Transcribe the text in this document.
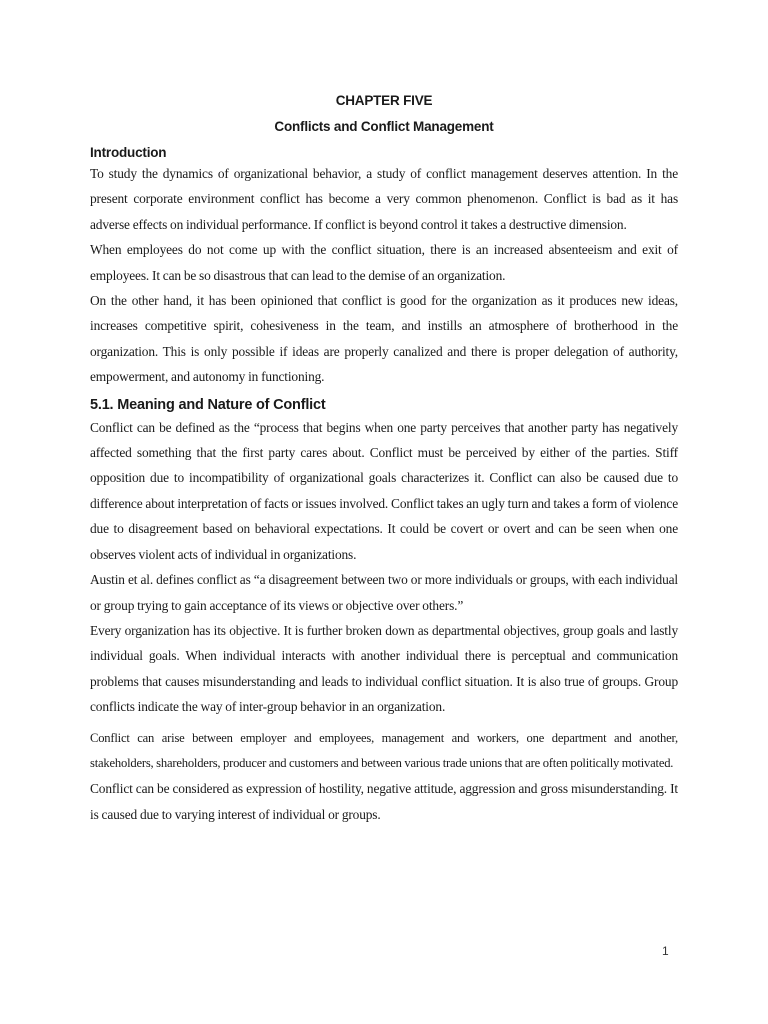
CHAPTER FIVE
Conflicts and Conflict Management
Introduction

To study the dynamics of organizational behavior, a study of conflict management deserves attention. In the present corporate environment conflict has become a very common phenomenon. Conflict is bad as it has adverse effects on individual performance. If conflict is beyond control it takes a destructive dimension.

When employees do not come up with the conflict situation, there is an increased absenteeism and exit of employees. It can be so disastrous that can lead to the demise of an organization.

On the other hand, it has been opinioned that conflict is good for the organization as it produces new ideas, increases competitive spirit, cohesiveness in the team, and instills an atmosphere of brotherhood in the organization. This is only possible if ideas are properly canalized and there is proper delegation of authority, empowerment, and autonomy in functioning.

5.1. Meaning and Nature of Conflict

Conflict can be defined as the “process that begins when one party perceives that another party has negatively affected something that the first party cares about. Conflict must be perceived by either of the parties. Stiff opposition due to incompatibility of organizational goals characterizes it. Conflict can also be caused due to difference about interpretation of facts or issues involved. Conflict takes an ugly turn and takes a form of violence due to disagreement based on behavioral expectations. It could be covert or overt and can be seen when one observes violent acts of individual in organizations.

Austin et al. defines conflict as “a disagreement between two or more individuals or groups, with each individual or group trying to gain acceptance of its views or objective over others.”

Every organization has its objective. It is further broken down as departmental objectives, group goals and lastly individual goals. When individual interacts with another individual there is perceptual and communication problems that causes misunderstanding and leads to individual conflict situation. It is also true of groups. Group conflicts indicate the way of inter-group behavior in an organization.

Conflict can arise between employer and employees, management and workers, one department and another, stakeholders, shareholders, producer and customers and between various trade unions that are often politically motivated.

Conflict can be considered as expression of hostility, negative attitude, aggression and gross misunderstanding. It is caused due to varying interest of individual or groups.

1
